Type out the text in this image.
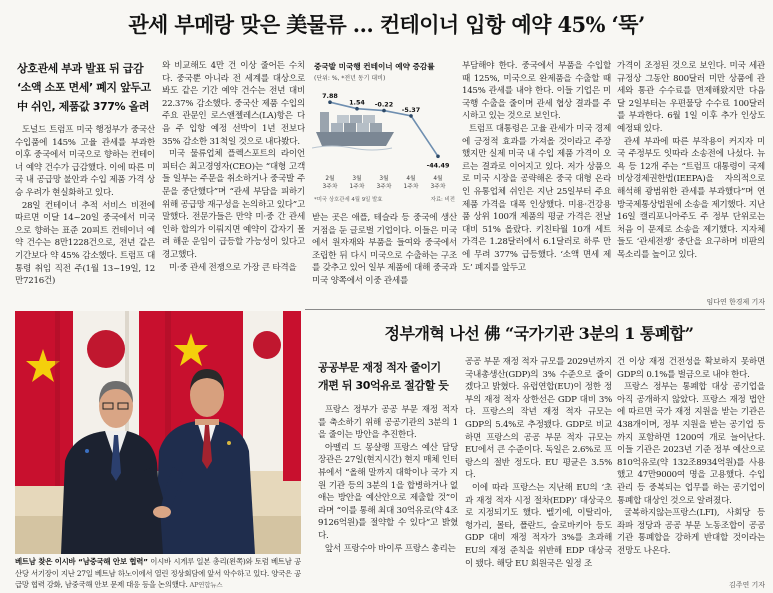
관세 부메랑 맞은 美물류 … 컨테이너 입항 예약 45% ‘뚝’
상호관세 부과 발표 뒤 급감
‘소액 소포 면세’ 폐지 앞두고
中 쉬인, 제품값 377% 올려

도널드 트럼프 미국 행정부가 중국산 수입품에 145% 고율 관세를 부과한 이후 중국에서 미국으로 향하는 컨테이너 예약 건수가 급감했다. 이에 따른 미국 내 공급망 불안과 수입 제품 가격 상승 우려가 현실화하고 있다.

28일 컨테이너 추적 서비스 비전에 따르면 이달 14~20일 중국에서 미국으로 향하는 표준 20피트 컨테이너 예약 건수는 8만1228건으로, 전년 같은 기간보다 약 45% 감소했다. 트럼프 대통령 취임 직전 주(1월 13~19일, 12만7216건)

와 비교해도 4만 건 이상 줄어든 수치다. 중국뿐 아니라 전 세계를 대상으로 봐도 같은 기간 예약 건수는 전년 대비 22.37% 감소했다. 중국산 제품 수입의 주요 관문인 로스앤젤레스(LA)항은 다음 주 입항 예정 선박이 1년 전보다 35% 감소한 31척일 것으로 내다봤다.

미국 물류업체 플렉스포트의 라이언 피터슨 최고경영자(CEO)는 “대형 고객들 일부는 주문을 취소하거나 중국발 주문을 중단했다”며 “관세 부담을 피하기 위해 공급망 재구성을 논의하고 있다”고 말했다. 전문가들은 만약 미·중 간 관세 인하 합의가 이뤄지면 예약이 갑자기 몰려 해운 운임이 급등할 가능성이 있다고 경고했다.

미·중 관세 전쟁으로 가장 큰 타격을

중국발 미국행 컨테이너 예약 증감률
(단위: %, *전년 동기 대비)
*미국 상호관세 4월 9일 발효	자료: 비전
7.88
1.54 -0.22
-5.37
-44.49
2월 3주차
3월 1주차
3월 3주차
4월 1주차
4월 3주차

받는 곳은 애플, 테슬라 등 중국에 생산 거점을 둔 글로벌 기업이다. 이들은 미국에서 원자재와 부품을 들여와 중국에서 조립한 뒤 다시 미국으로 수출하는 구조를 갖추고 있어 일부 제품에 대해 중국과 미국 양쪽에서 이중 관세를

부담해야 한다. 중국에서 부품을 수입할 때 125%, 미국으로 완제품을 수출할 때 145% 관세를 내야 한다. 이들 기업은 미국행 수출을 줄이며 관세 협상 결과를 주시하고 있는 것으로 보인다.

트럼프 대통령은 고율 관세가 미국 경제에 긍정적 효과를 가져올 것이라고 주장했지만 실제 미국 내 수입 제품 가격이 오르는 결과로 이어지고 있다. 저가 상품으로 미국 시장을 공략해온 중국 대형 온라인 유통업체 쉬인은 지난 25일부터 주요 제품 가격을 대폭 인상했다. 미용·건강용품 상위 100개 제품의 평균 가격은 전날 대비 51% 올랐다. 키친타월 10개 세트 가격은 1.28달러에서 6.1달러로 하루 만에 무려 377% 급등했다. ‘소액 면세 제도’ 폐지를 앞두고

가격이 조정된 것으로 보인다. 미국 세관 규정상 그동안 800달러 미만 상품에 관세와 통관 수수료를 면제해왔지만 다음 달 2일부터는 우편물당 수수료 100달러를 부과한다. 6월 1일 이후 추가 인상도 예정돼 있다.

관세 부과에 따른 부작용이 커지자 미국 주정부도 잇따라 소송전에 나섰다. 뉴욕 등 12개 주는 “트럼프 대통령이 국제비상경제권한법(IEEPA)을 자의적으로 해석해 광범위한 관세를 부과했다”며 연방국제통상법원에 소송을 제기했다. 지난 16일 캘리포니아주도 주 정부 단위로는 처음 이 문제로 소송을 제기했다. 지자체들도 ‘관세전쟁’ 중단을 요구하며 비판의 목소리를 높이고 있다.

임다연 한경제 기자
베트남 찾은 이시바 “남중국해 안보 협력” 이시바 시게루 일본 총리(왼쪽)와 토럼 베트남 공산당 서기장이 지난 27일 베트남 하노이에서 열린 정상회담에 앞서 악수하고 있다. 양국은 공급망 협력 강화, 남중국해 안보 문제 대응 등을 논의했다. AP연합뉴스
정부개혁 나선 佛 “국가기관 3분의 1 통폐합”
공공부문 재정 적자 줄이기
개편 뒤 30억유로 절감할 듯

프랑스 정부가 공공 부문 재정 적자를 축소하기 위해 공공기관의 3분의 1을 줄이는 방안을 추진한다.

아멜리 드 몽샬랭 프랑스 예산 담당 장관은 27일(현지시간) 현지 매체 인터뷰에서 “올해 말까지 대학이나 국가 지원 기관 등의 3분의 1을 합병하거나 없애는 방안을 예산안으로 제출할 것”이라며 “이를 통해 최대 30억유로(약 4조9126억원)를 절약할 수 있다”고 밝혔다.

앞서 프랑수아 바이루 프랑스 총리는

공공 부문 재정 적자 규모를 2029년까지 국내총생산(GDP)의 3% 수준으로 줄이겠다고 밝혔다. 유럽연합(EU)이 정한 정부의 재정 적자 상한선은 GDP 대비 3%다. 프랑스의 작년 재정 적자 규모는 GDP의 5.4%로 추정됐다. GDP로 비교하면 프랑스의 공공 부문 적자 규모는 EU에서 큰 수준이다. 독일은 2.6%로 프랑스의 절반 정도다. EU 평균은 3.5%다.

이에 따라 프랑스는 지난해 EU의 ‘초과 재정 적자 시정 절차(EDP)’ 대상국으로 지정되기도 했다. 벨기에, 이탈리아, 헝가리, 몰타, 폴란드, 슬로바키아 등도 GDP 대비 재정 적자가 3%를 초과해 EU의 재정 준칙을 위반해 EDP 대상국이 됐다. 해당 EU 회원국은 일정 조

건 이상 재정 건전성을 확보하지 못하면 GDP의 0.1%를 벌금으로 내야 한다.

프랑스 정부는 통폐합 대상 공기업을 아직 공개하지 않았다. 프랑스 재정 법안에 따르면 국가 재정 지원을 받는 기관은 438개이며, 정부 지원을 받는 공기업 등까지 포함하면 1200여 개로 늘어난다. 이들 기관은 2023년 기준 정부 예산으로 810억유로(약 132조8934억원)를 사용했고 47만9000여 명을 고용했다. 수입 관리 등 중복되는 업무를 하는 공기업이 통폐합 대상인 것으로 알려졌다.

굴복하지않는프랑스(LFI), 사회당 등 좌파 정당과 공공 부문 노동조합이 공공기관 통폐합을 강하게 반대할 것이라는 전망도 나온다.

김주연 기자
